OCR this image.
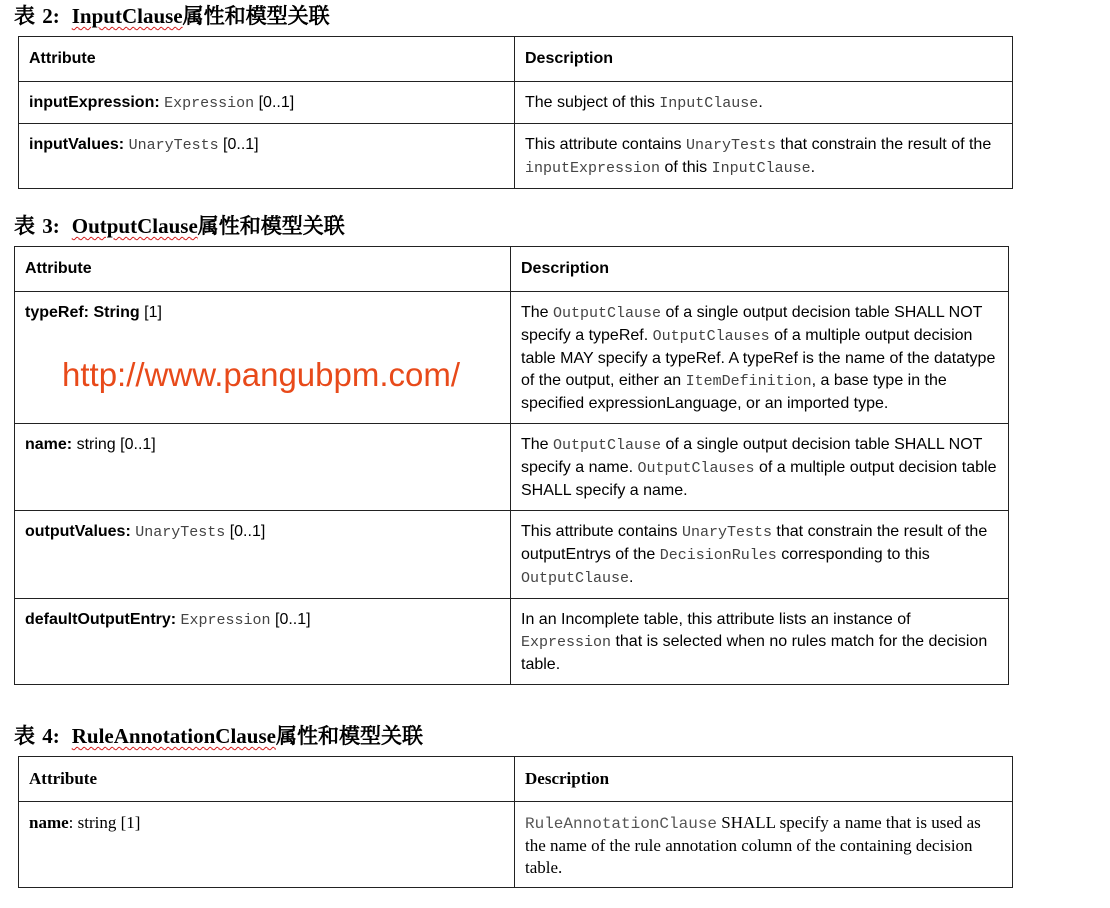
表 2: InputClause属性和模型关联
Attribute	Description
inputExpression: Expression [0..1]	The subject of this InputClause.
inputValues: UnaryTests [0..1]	This attribute contains UnaryTests that constrain the result of the inputExpression of this InputClause.
表 3: OutputClause属性和模型关联
Attribute	Description
typeRef: String [1]	The OutputClause of a single output decision table SHALL NOT specify a typeRef. OutputClauses of a multiple output decision table MAY specify a typeRef. A typeRef is the name of the datatype of the output, either an ItemDefinition, a base type in the specified expressionLanguage, or an imported type.
name: string [0..1]	The OutputClause of a single output decision table SHALL NOT specify a name. OutputClauses of a multiple output decision table SHALL specify a name.
outputValues: UnaryTests [0..1]	This attribute contains UnaryTests that constrain the result of the outputEntrys of the DecisionRules corresponding to this OutputClause.
defaultOutputEntry: Expression [0..1]	In an Incomplete table, this attribute lists an instance of Expression that is selected when no rules match for the decision table.
表 4: RuleAnnotationClause属性和模型关联
Attribute	Description
name: string [1]	RuleAnnotationClause SHALL specify a name that is used as the name of the rule annotation column of the containing decision table.
http://www.pangubpm.com/
